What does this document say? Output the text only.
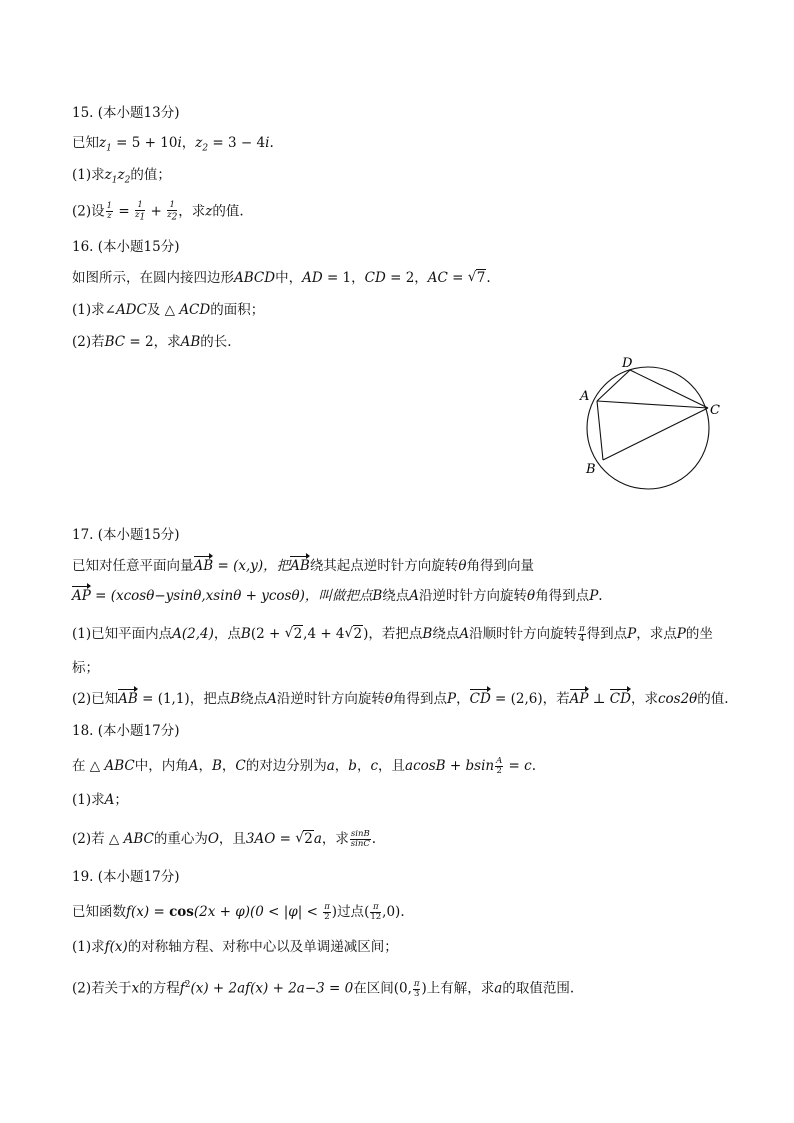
15. (本小题13分)
已知$z_1 = 5 + 10i$，$z_2 = 3 - 4i$.
(1)求$z_1z_2$的值；
(2)设 $\frac{1}{z} = \frac{1}{z_1} + \frac{1}{z_2}$ ，求z的值.
16. (本小题15分)
如图所示，在圆内接四边形ABCD中，AD = 1，CD = 2，AC = √ 7.
(1)求∠ADC及 △ ACD的面积；
(2)若BC = 2，求AB的长.
A
D
C
B
17. (本小题15分)
已知对任意平面向量AB = (x,y)，把AB绕其起点逆时针方向旋转θ角得到向量
AP = (xcosθ−ysinθ,xsinθ + ycosθ)，叫做把点B绕点A沿逆时针方向旋转θ角得到点P.
(1)已知平面内点A(2,4)，点B(2 + √ 2,4 + 4√ 2)，若把点B绕点A沿顺时针方向旋转 $\frac{\pi}{4}$ 得到点P，求点P的坐
标；
(2)已知AB = (1,1)，把点B绕点A沿逆时针方向旋转θ角得到点P，CD = (2,6)，若AP ⊥ CD，求cos2θ的值.
18. (本小题17分)
在 △ ABC中，内角A，B，C的对边分别为a，b，c，且acosB + bsin $\frac{A}{2} = c$.
(1)求A；
(2)若 △ ABC的重心为O，且3AO = √ 2a，求 $\frac{\sin B}{\sin C}$ .
19. (本小题17分)
已知函数$f(x) = \cos(2x + \varphi)(0 < |\varphi| < \frac{\pi}{2}$ )过点( $\frac{\pi}{12} ,0$).
(1)求f(x)的对称轴方程、对称中心以及单调递减区间；
(2)若关于x的方程$f^2(x) + 2af(x) + 2a-3 = 0$在区间(0, $\frac{\pi}{3}$ )上有解，求a的取值范围.
